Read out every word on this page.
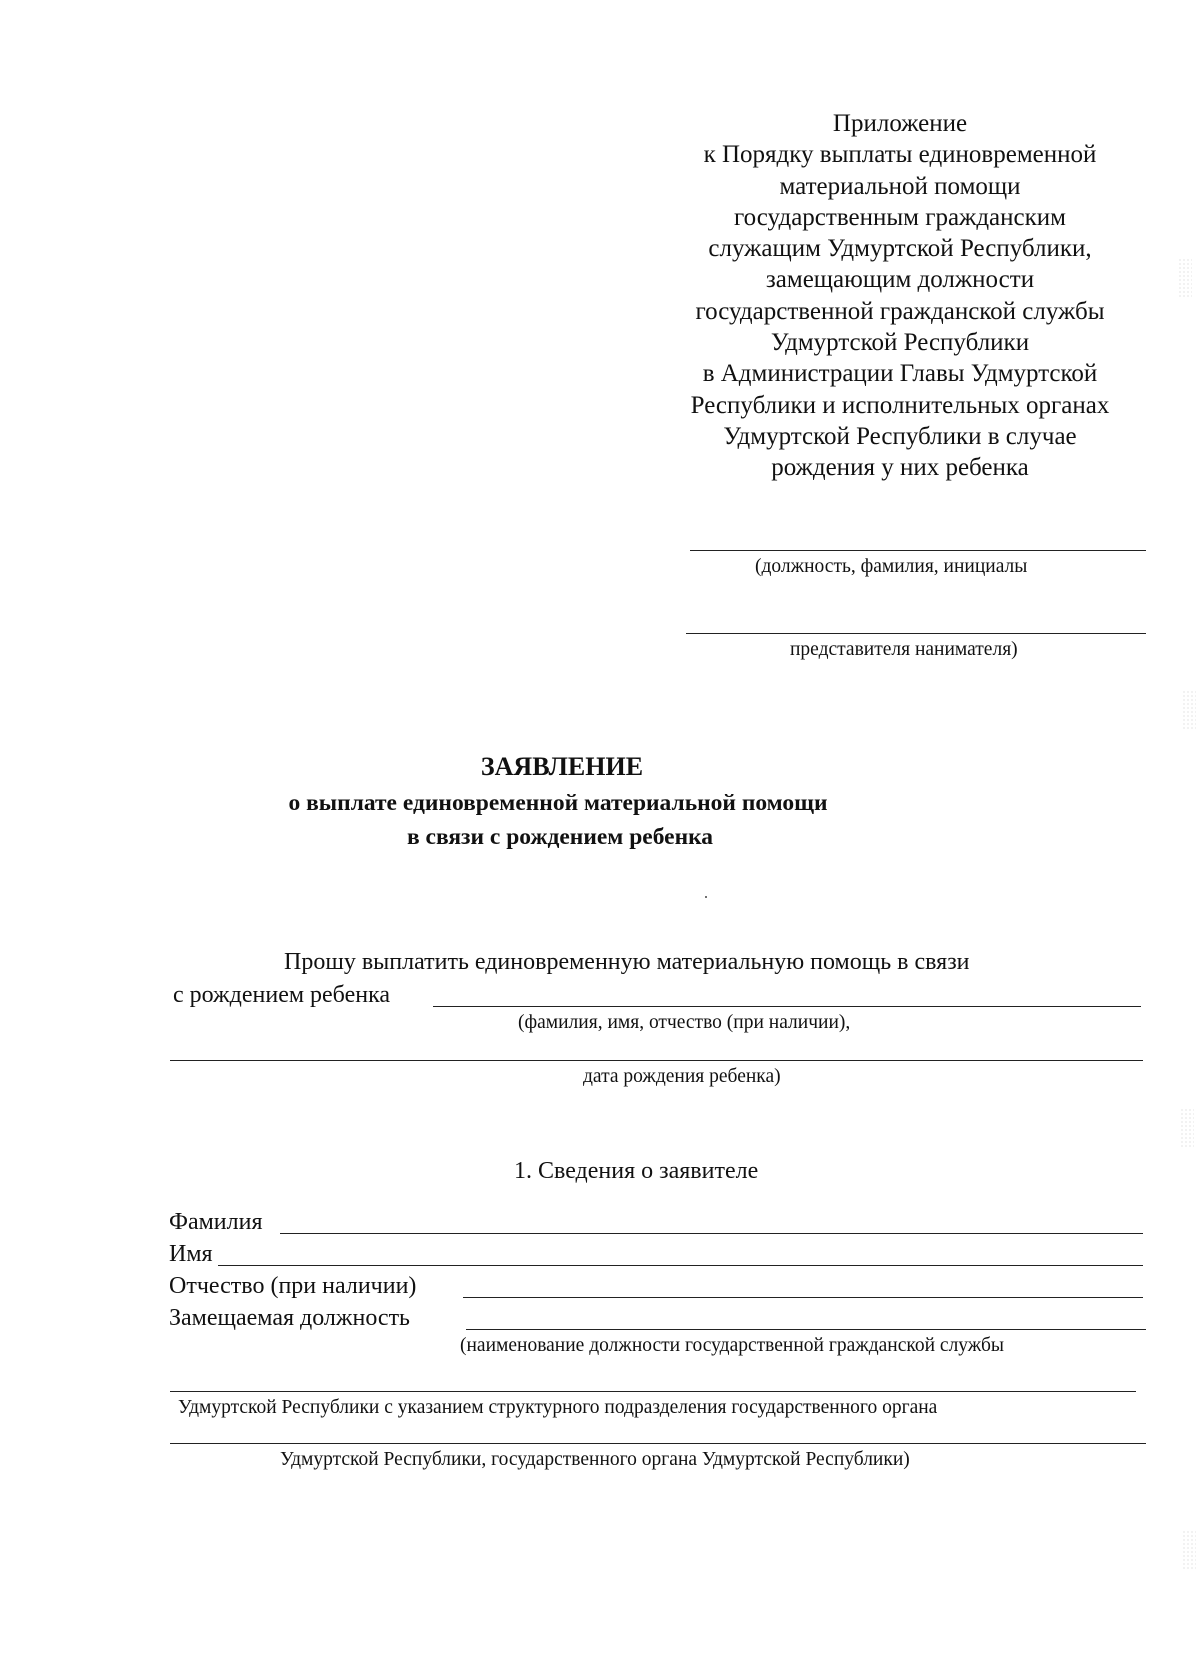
Приложение
к Порядку выплаты единовременной
материальной помощи
государственным гражданским
служащим Удмуртской Республики,
замещающим должности
государственной гражданской службы
Удмуртской Республики
в Администрации Главы Удмуртской
Республики и исполнительных органах
Удмуртской Республики в случае
рождения у них ребенка
(должность, фамилия, инициалы
представителя нанимателя)
ЗАЯВЛЕНИЕ
о выплате единовременной материальной помощи
в связи с рождением ребенка
Прошу выплатить единовременную материальную помощь в связи
с рождением ребенка
(фамилия, имя, отчество (при наличии),
дата рождения ребенка)
1. Сведения о заявителе
Фамилия
Имя
Отчество (при наличии)
Замещаемая должность
(наименование должности государственной гражданской службы
Удмуртской Республики с указанием структурного подразделения государственного органа
Удмуртской Республики, государственного органа Удмуртской Республики)
